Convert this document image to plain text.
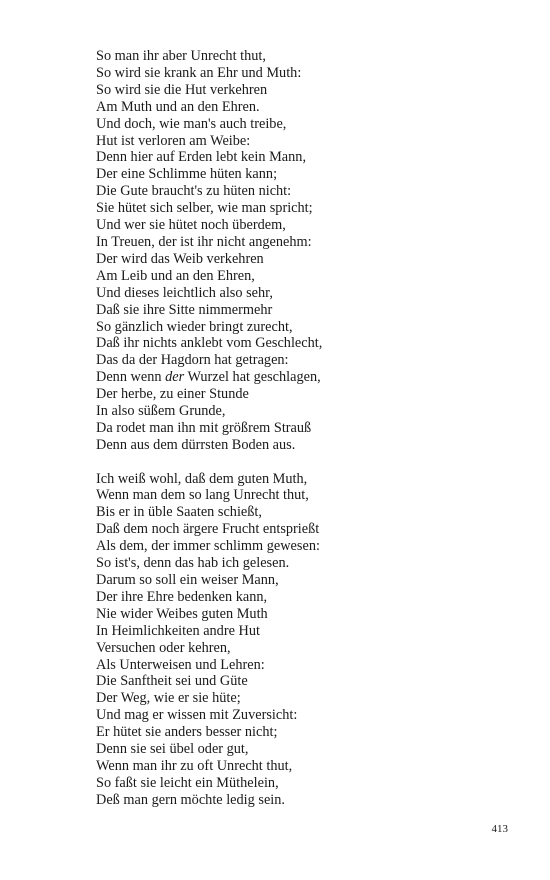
So man ihr aber Unrecht thut,
So wird sie krank an Ehr und Muth:
So wird sie die Hut verkehren
Am Muth und an den Ehren.
Und doch, wie man's auch treibe,
Hut ist verloren am Weibe:
Denn hier auf Erden lebt kein Mann,
Der eine Schlimme hüten kann;
Die Gute braucht's zu hüten nicht:
Sie hütet sich selber, wie man spricht;
Und wer sie hütet noch überdem,
In Treuen, der ist ihr nicht angenehm:
Der wird das Weib verkehren
Am Leib und an den Ehren,
Und dieses leichtlich also sehr,
Daß sie ihre Sitte nimmermehr
So gänzlich wieder bringt zurecht,
Daß ihr nichts anklebt vom Geschlecht,
Das da der Hagdorn hat getragen:
Denn wenn der Wurzel hat geschlagen,
Der herbe, zu einer Stunde
In also süßem Grunde,
Da rodet man ihn mit größrem Strauß
Denn aus dem dürrsten Boden aus.
Ich weiß wohl, daß dem guten Muth,
Wenn man dem so lang Unrecht thut,
Bis er in üble Saaten schießt,
Daß dem noch ärgere Frucht entsprießt
Als dem, der immer schlimm gewesen:
So ist's, denn das hab ich gelesen.
Darum so soll ein weiser Mann,
Der ihre Ehre bedenken kann,
Nie wider Weibes guten Muth
In Heimlichkeiten andre Hut
Versuchen oder kehren,
Als Unterweisen und Lehren:
Die Sanftheit sei und Güte
Der Weg, wie er sie hüte;
Und mag er wissen mit Zuversicht:
Er hütet sie anders besser nicht;
Denn sie sei übel oder gut,
Wenn man ihr zu oft Unrecht thut,
So faßt sie leicht ein Müthelein,
Deß man gern möchte ledig sein.
413
